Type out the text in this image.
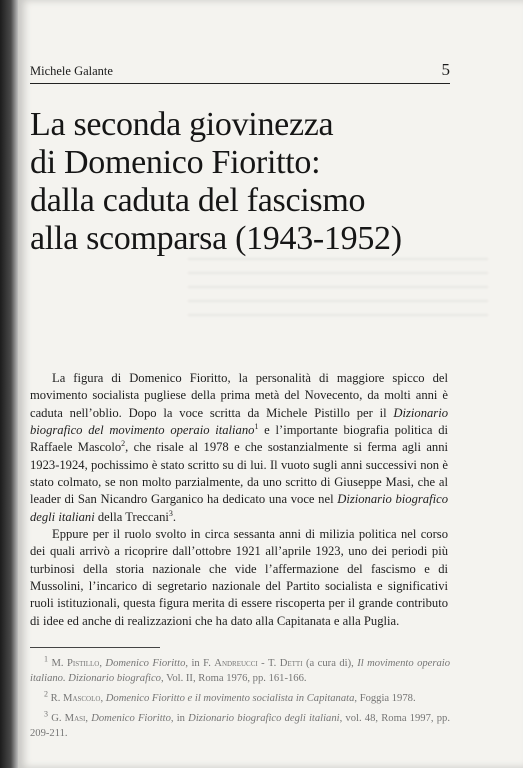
Michele Galante	5
La seconda giovinezza
di Domenico Fioritto:
dalla caduta del fascismo
alla scomparsa (1943-1952)

La figura di Domenico Fioritto, la personalità di maggiore spicco del movimento socialista pugliese della prima metà del Novecento, da molti anni è caduta nell’oblio. Dopo la voce scritta da Michele Pistillo per il Dizionario biografico del movimento operaio italiano$^1$ e l’importante biografia politica di Raffaele Mascolo$^2$, che risale al 1978 e che sostanzialmente si ferma agli anni 1923-1924, pochissimo è stato scritto su di lui. Il vuoto sugli anni successivi non è stato colmato, se non molto parzialmente, da uno scritto di Giuseppe Masi, che al leader di San Nicandro Garganico ha dedicato una voce nel Dizionario biografico degli italiani della Treccani$^3$.

Eppure per il ruolo svolto in circa sessanta anni di milizia politica nel corso dei quali arrivò a ricoprire dall’ottobre 1921 all’aprile 1923, uno dei periodi più turbinosi della storia nazionale che vide l’affermazione del fascismo e di Mussolini, l’incarico di segretario nazionale del Partito socialista e significativi ruoli istituzionali, questa figura merita di essere riscoperta per il grande contributo di idee ed anche di realizzazioni che ha dato alla Capitanata e alla Puglia.

$^1$ M. Pistillo, Domenico Fioritto, in F. Andreucci - T. Detti (a cura di), Il movimento operaio italiano. Dizionario biografico, Vol. II, Roma 1976, pp. 161-166.

$^2$ R. Mascolo, Domenico Fioritto e il movimento socialista in Capitanata, Foggia 1978.

$^3$ G. Masi, Domenico Fioritto, in Dizionario biografico degli italiani, vol. 48, Roma 1997, pp. 209-211.
